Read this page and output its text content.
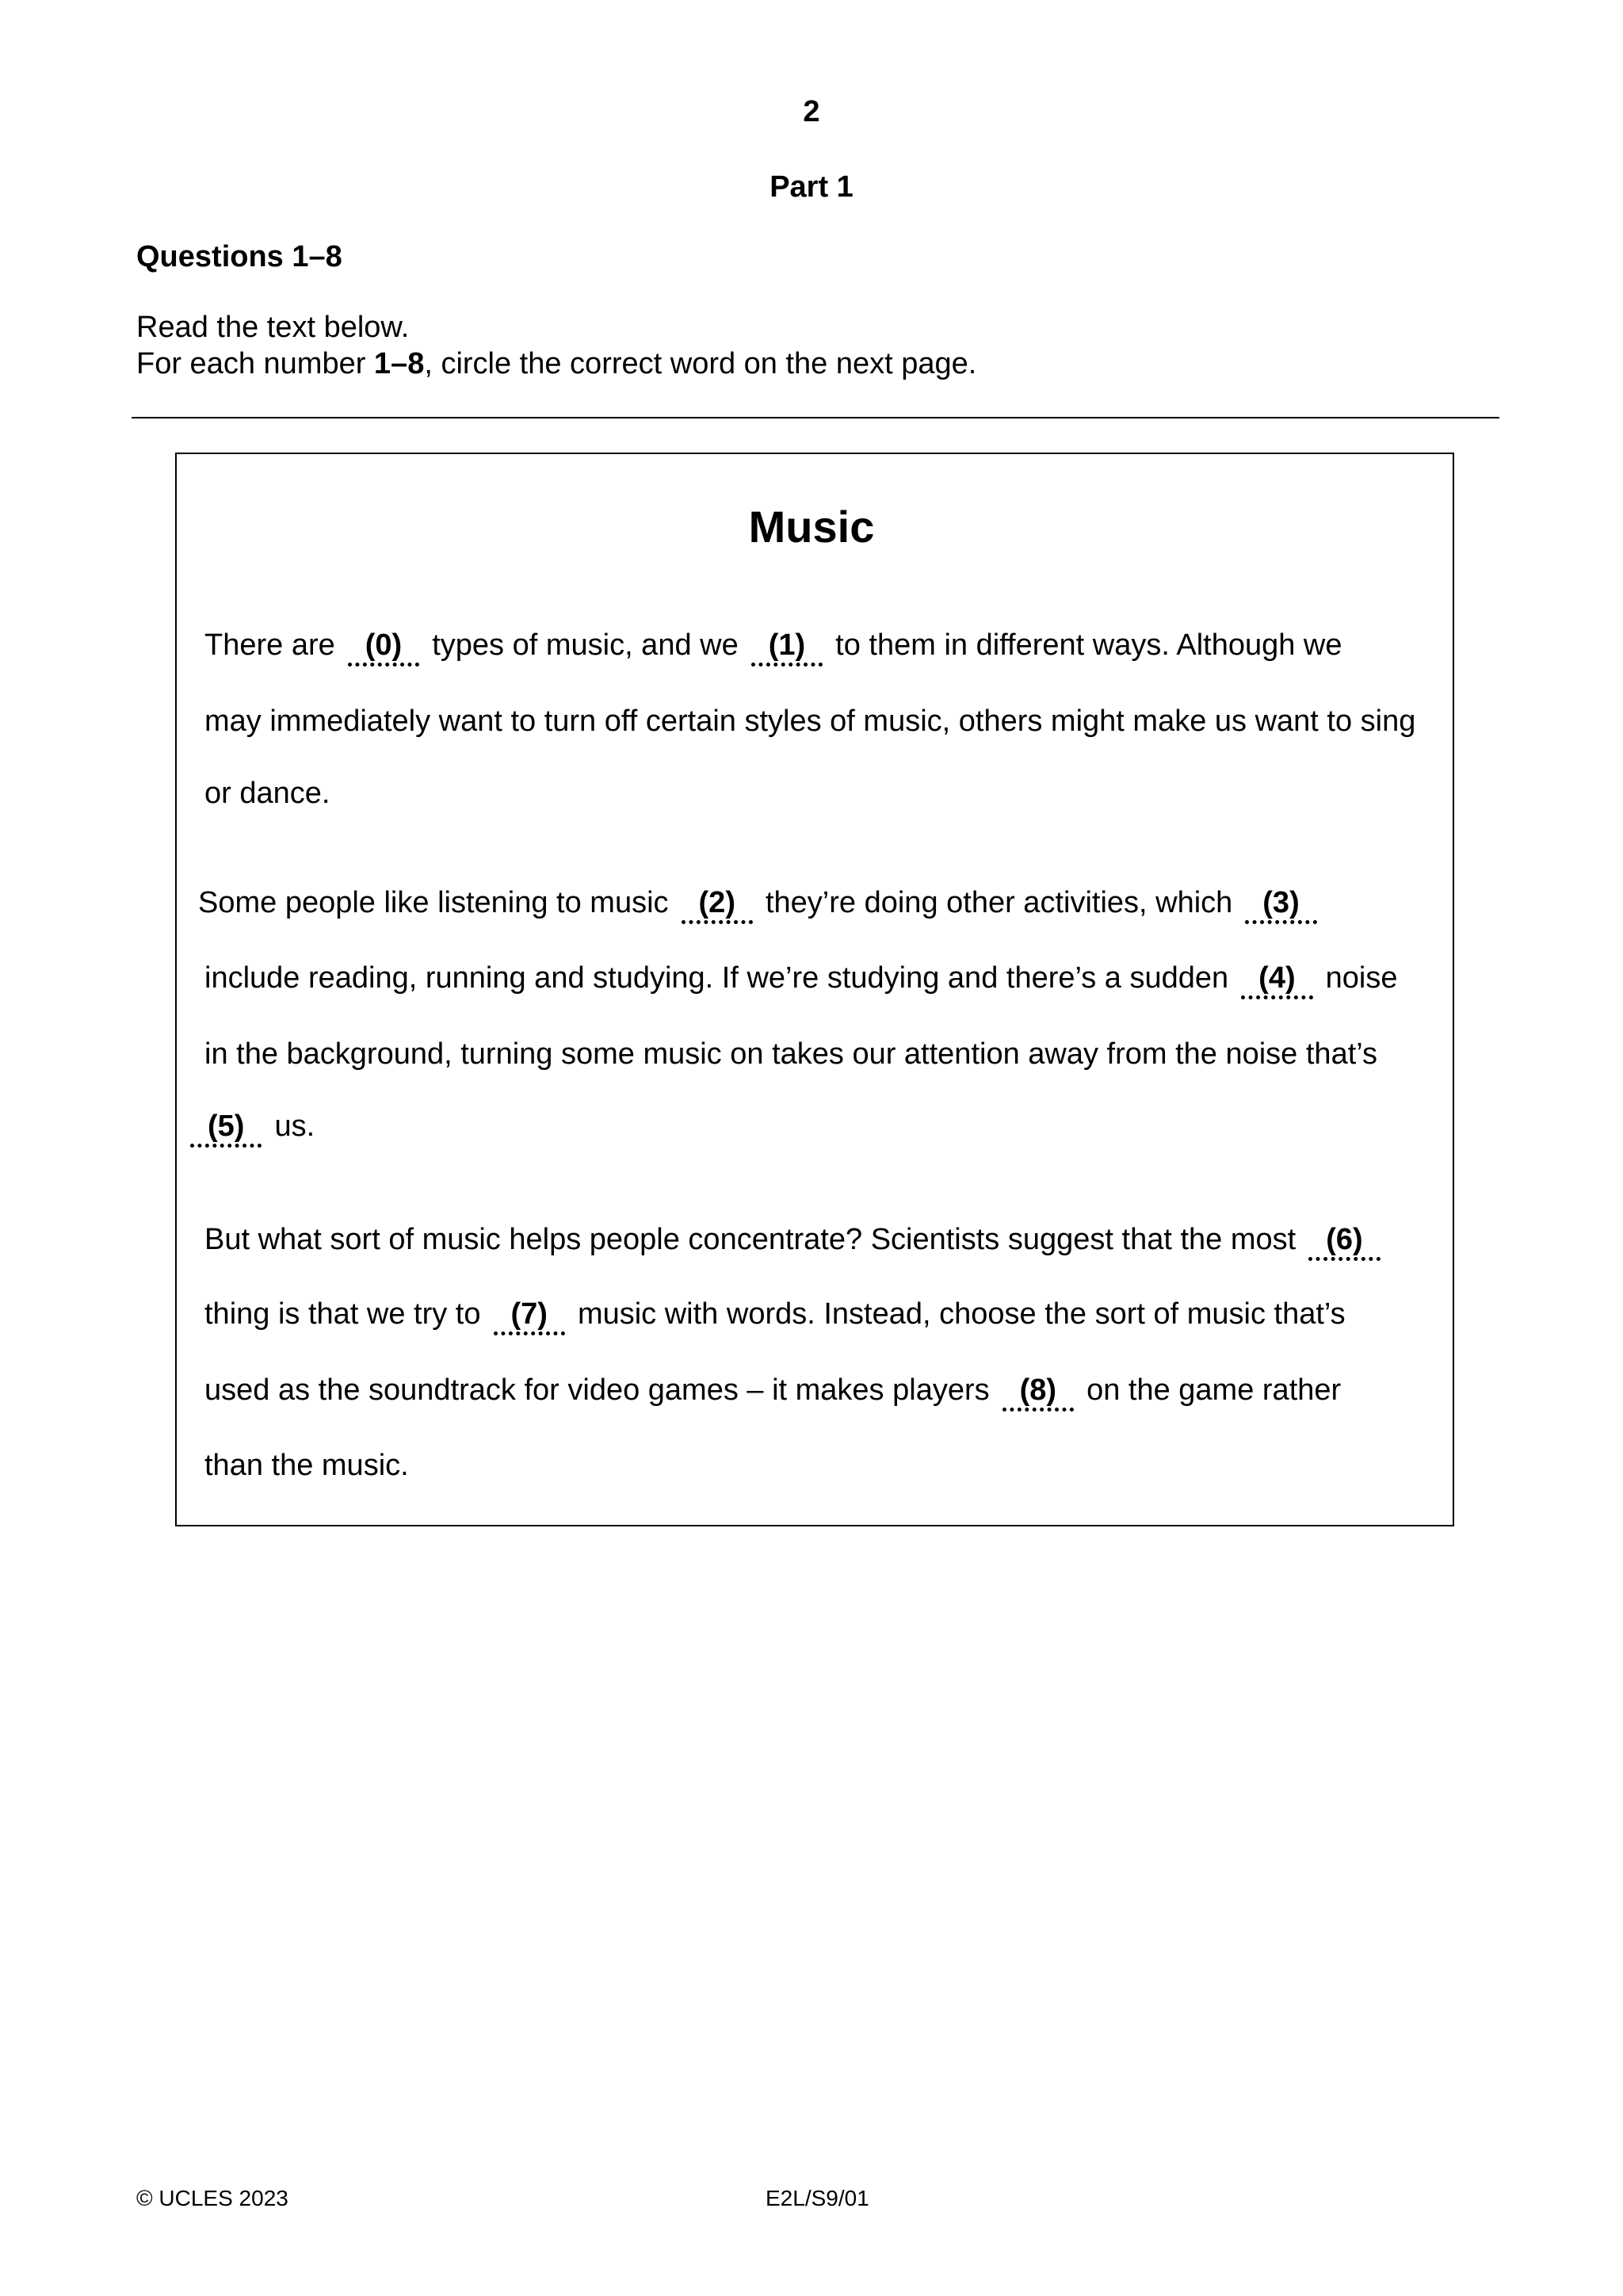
2
Part 1
Questions 1–8
Read the text below.
For each number 1–8, circle the correct word on the next page.
Music
There are (0) types of music, and we (1) to them in different ways. Although we
may immediately want to turn off certain styles of music, others might make us want to sing
or dance.
Some people like listening to music (2) they’re doing other activities, which (3)
include reading, running and studying. If we’re studying and there’s a sudden (4) noise
in the background, turning some music on takes our attention away from the noise that’s
(5) us.
But what sort of music helps people concentrate? Scientists suggest that the most (6)
thing is that we try to (7) music with words. Instead, choose the sort of music that’s
used as the soundtrack for video games – it makes players (8) on the game rather
than the music.
© UCLES 2023	E2L/S9/01
